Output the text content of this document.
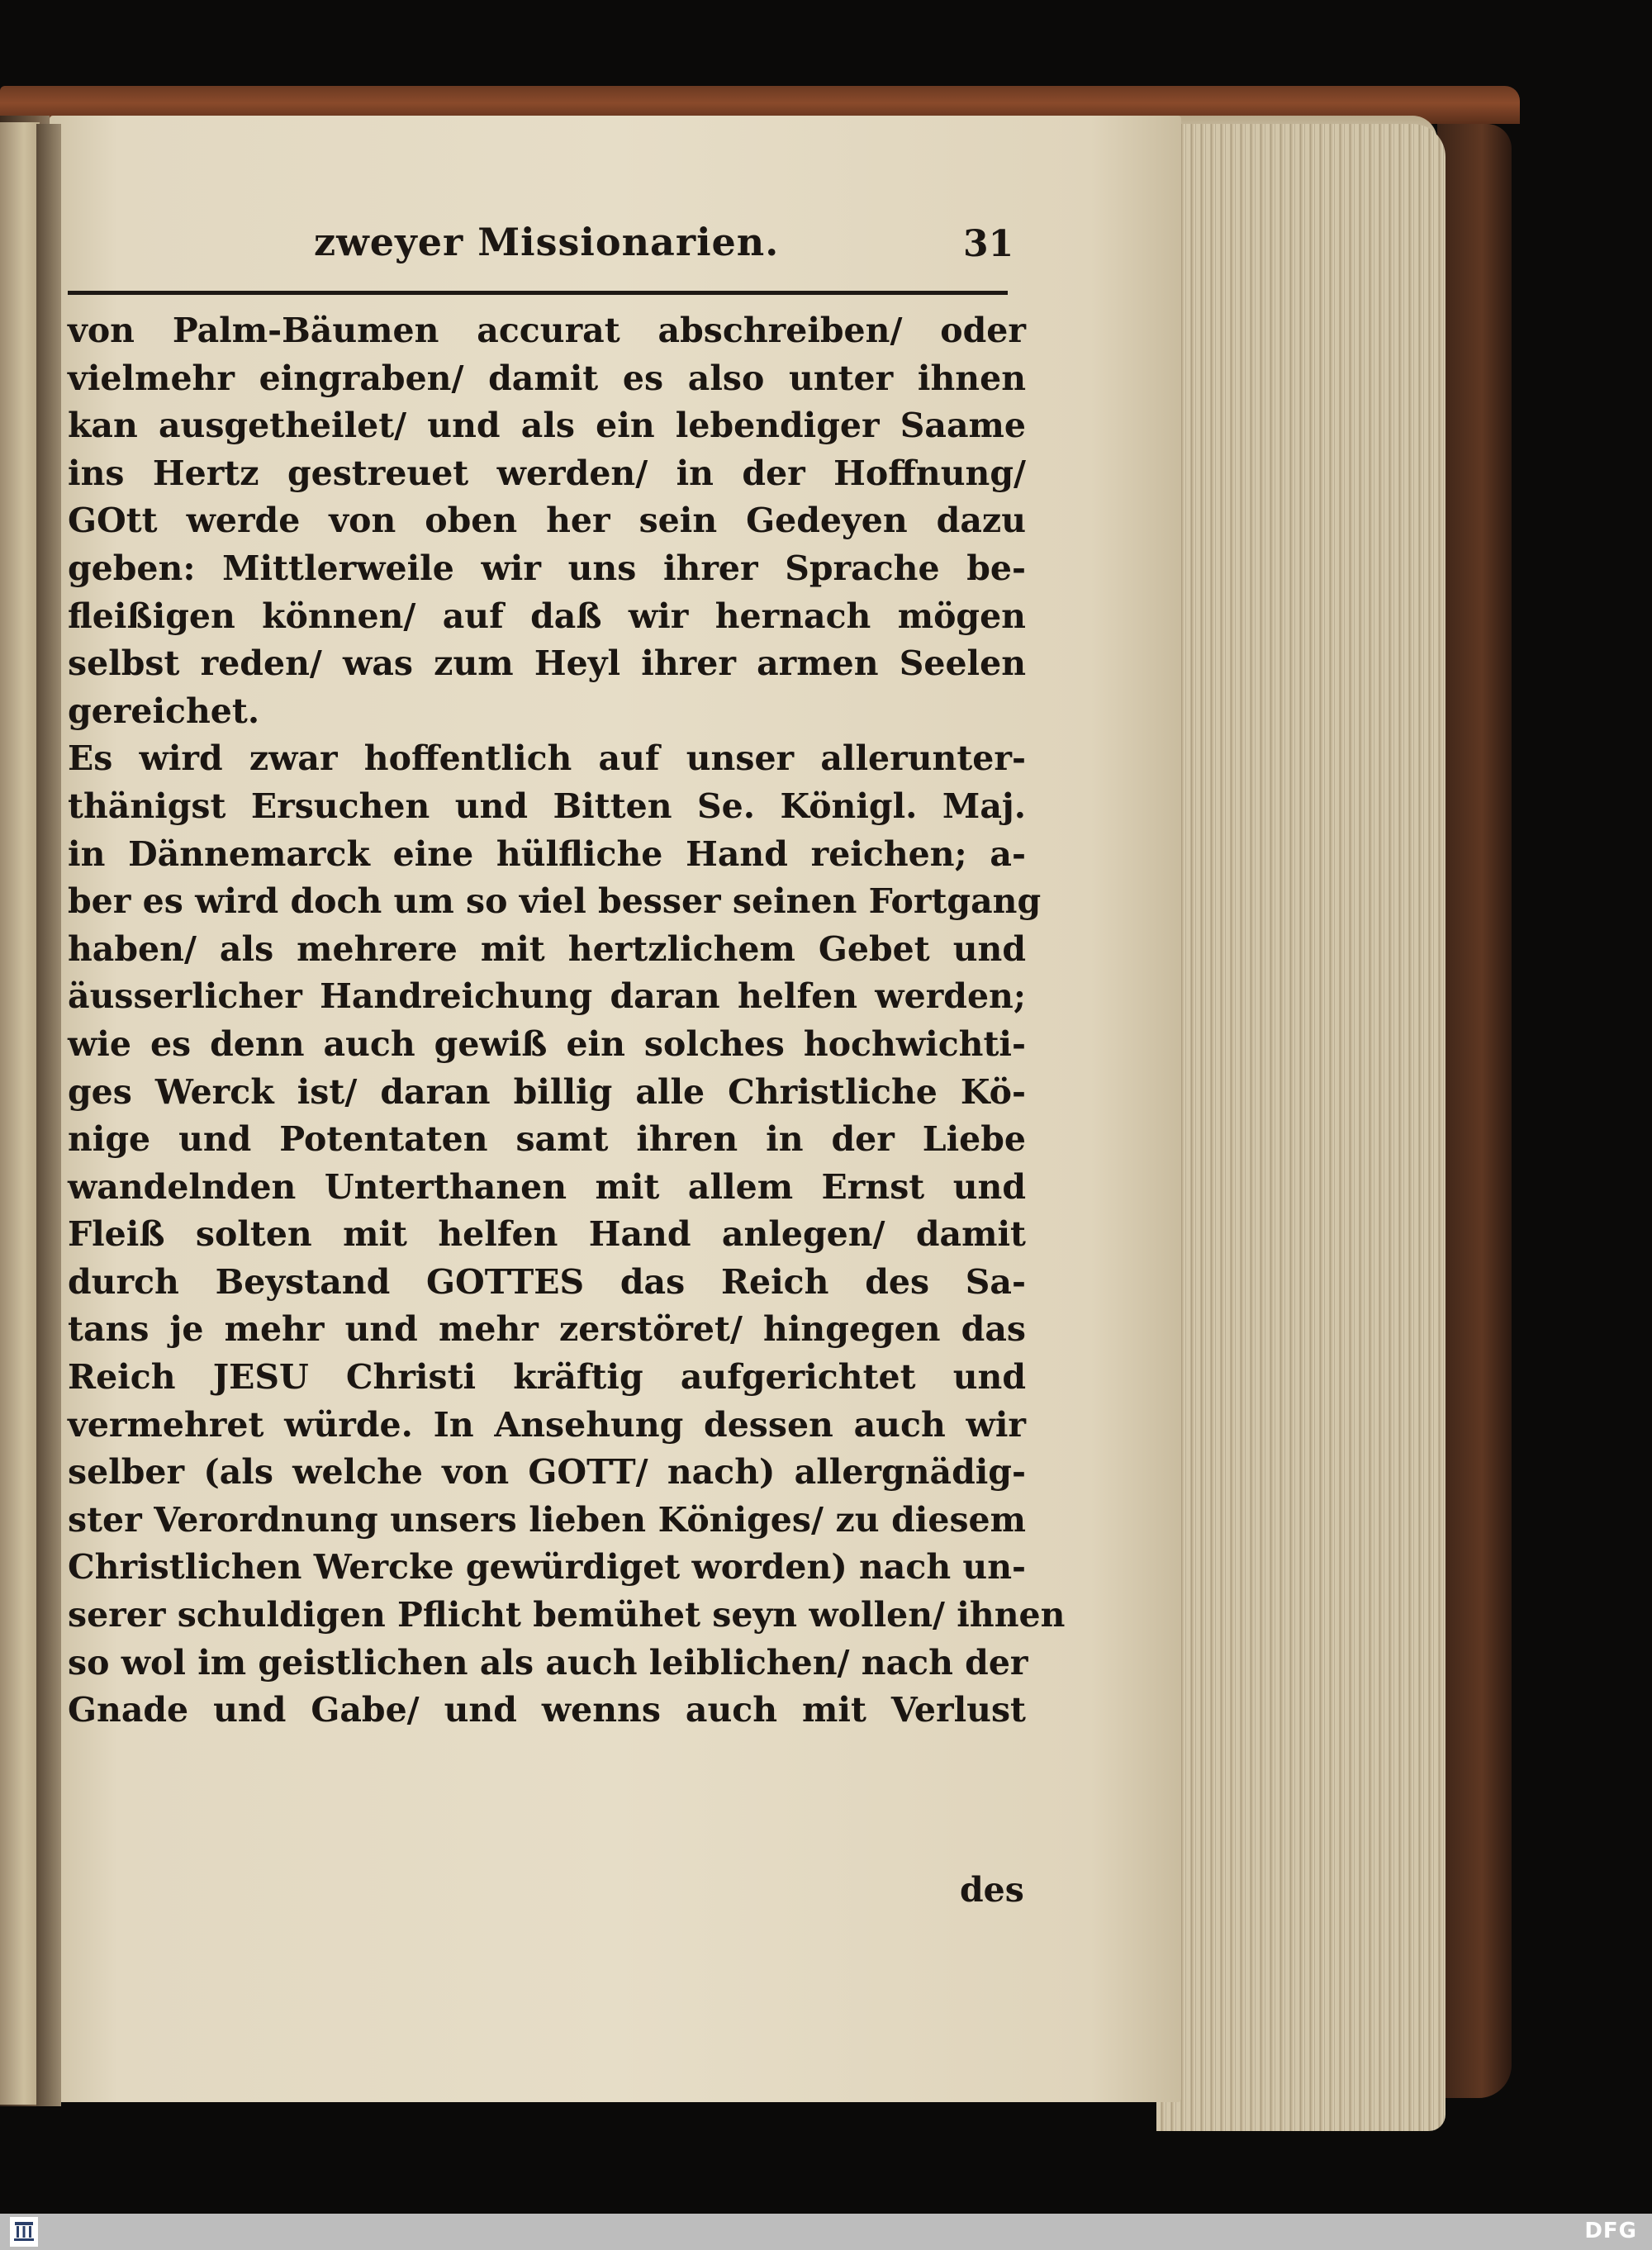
zweyer Missionarien.	31
von Palm-Bäumen accurat abschreiben/ oder
vielmehr eingraben/ damit es also unter ihnen
kan ausgetheilet/ und als ein lebendiger Saame
ins Hertz gestreuet werden/ in der Hoffnung/
GOtt werde von oben her sein Gedeyen dazu
geben: Mittlerweile wir uns ihrer Sprache be-
fleißigen können/ auf daß wir hernach mögen
selbst reden/ was zum Heyl ihrer armen Seelen
gereichet.
Es wird zwar hoffentlich auf unser allerunter-
thänigst Ersuchen und Bitten Se. Königl. Maj.
in Dännemarck eine hülfliche Hand reichen; a-
ber es wird doch um so viel besser seinen Fortgang
haben/ als mehrere mit hertzlichem Gebet und
äusserlicher Handreichung daran helfen werden;
wie es denn auch gewiß ein solches hochwichti-
ges Werck ist/ daran billig alle Christliche Kö-
nige und Potentaten samt ihren in der Liebe
wandelnden Unterthanen mit allem Ernst und
Fleiß solten mit helfen Hand anlegen/ damit
durch Beystand GOTTES das Reich des Sa-
tans je mehr und mehr zerstöret/ hingegen das
Reich JESU Christi kräftig aufgerichtet und
vermehret würde. In Ansehung dessen auch wir
selber (als welche von GOTT/ nach) allergnädig-
ster Verordnung unsers lieben Königes/ zu diesem
Christlichen Wercke gewürdiget worden) nach un-
serer schuldigen Pflicht bemühet seyn wollen/ ihnen
so wol im geistlichen als auch leiblichen/ nach der
Gnade und Gabe/ und wenns auch mit Verlust
des
DFG
